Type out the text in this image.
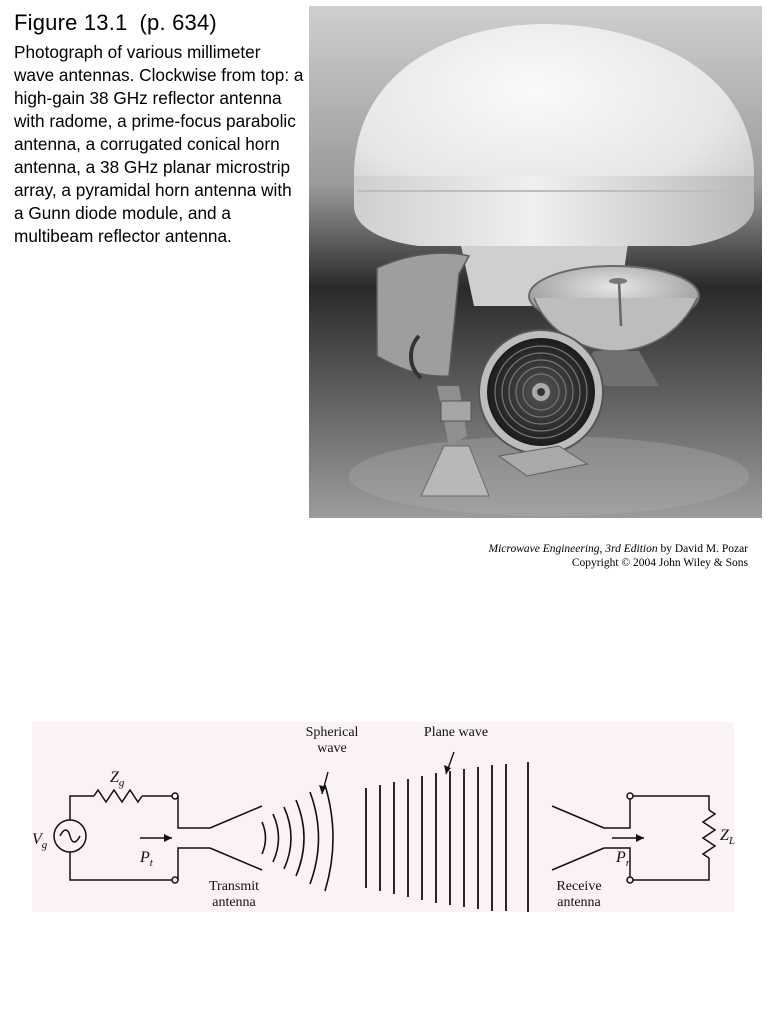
Figure 13.1 (p. 634)

Photograph of various millimeter wave antennas. Clockwise from top: a high-gain 38 GHz reflector antenna with radome, a prime-focus parabolic antenna, a corrugated conical horn antenna, a 38 GHz planar microstrip array, a pyramidal horn antenna with a Gunn diode module, and a multibeam reflector antenna.

Microwave Engineering, 3rd Edition by David M. Pozar
Copyright © 2004 John Wiley & Sons
Spherical
wave
Plane wave
Transmit
antenna
Receive
antenna
$V_g$
$Z_g$
$P_t$	$P_r$
$Z_L$
